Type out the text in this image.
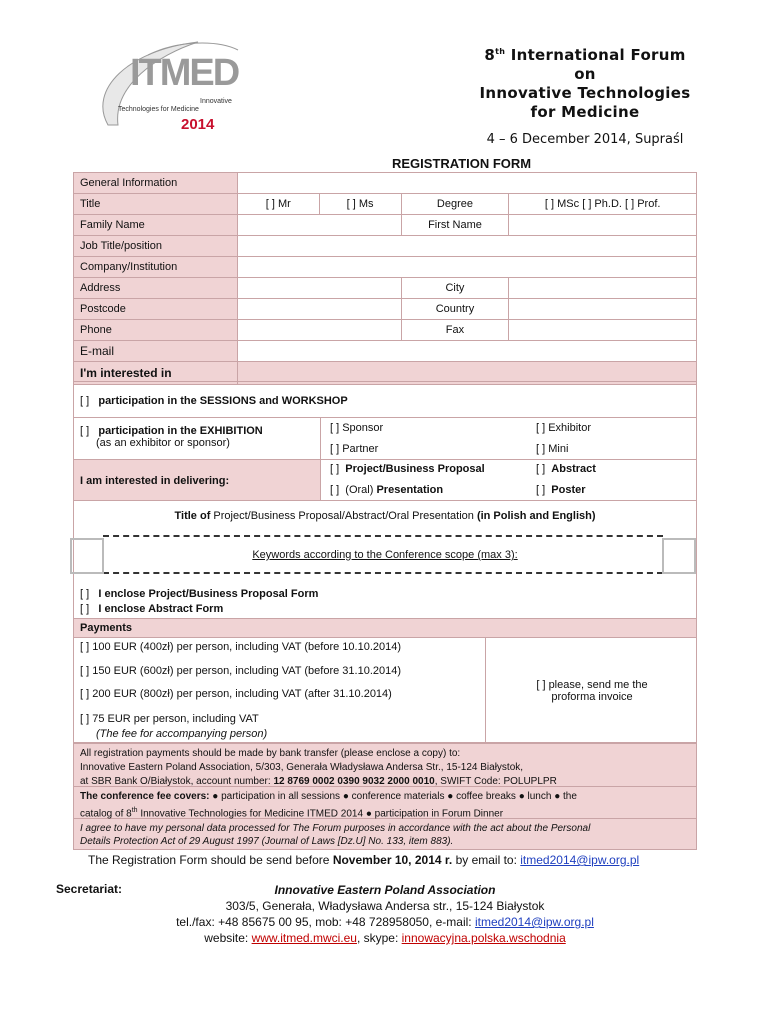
ITMED
Innovative
Technologies for Medicine
2014
8th International Forum
on
Innovative Technologies
for Medicine
4 – 6 December 2014, Supraśl
REGISTRATION FORM
General Information				
Title	[ ] Mr	[ ] Ms	Degree	[ ] MSc [ ] Ph.D. [ ] Prof.
Family Name			First Name	
Job Title/position				
Company/Institution				
Address			City	
Postcode			Country	
Phone			Fax	
E-mail				
I'm interested in				
[ ] participation in the SESSIONS and WORKSHOP
[ ] participation in the EXHIBITION
(as an exhibitor or sponsor)
[ ] Sponsor	[ ] Exhibitor
[ ] Partner	[ ] Mini
I am interested in delivering:
[ ] Project/Business Proposal	[ ] Abstract
[ ] (Oral) Presentation	[ ] Poster
Title of Project/Business Proposal/Abstract/Oral Presentation (in Polish and English)
Keywords according to the Conference scope (max 3):
[ ] I enclose Project/Business Proposal Form
[ ] I enclose Abstract Form
Payments
[ ] 100 EUR (400zł) per person, including VAT (before 10.10.2014)
[ ] 150 EUR (600zł) per person, including VAT (before 31.10.2014)
[ ] 200 EUR (800zł) per person, including VAT (after 31.10.2014)
[ ] 75 EUR per person, including VAT
(The fee for accompanying person)
[ ] please, send me the
proforma invoice
All registration payments should be made by bank transfer (please enclose a copy) to:
Innovative Eastern Poland Association, 5/303, Generała Władysława Andersa Str., 15-124 Białystok,
at SBR Bank O/Białystok, account number: 12 8769 0002 0390 9032 2000 0010, SWIFT Code: POLUPLPR
The conference fee covers: ● participation in all sessions ● conference materials ● coffee breaks ● lunch ● the
catalog of 8th Innovative Technologies for Medicine ITMED 2014 ● participation in Forum Dinner
I agree to have my personal data processed for The Forum purposes in accordance with the act about the Personal
Details Protection Act of 29 August 1997 (Journal of Laws [Dz.U] No. 133, item 883).
The Registration Form should be send before November 10, 2014 r. by email to: itmed2014@ipw.org.pl
Secretariat:	Innovative Eastern Poland Association
303/5, Generała, Władysława Andersa str., 15-124 Białystok
tel./fax: +48 85675 00 95, mob: +48 728958050, e-mail: itmed2014@ipw.org.pl
website: www.itmed.mwci.eu, skype: innowacyjna.polska.wschodnia
